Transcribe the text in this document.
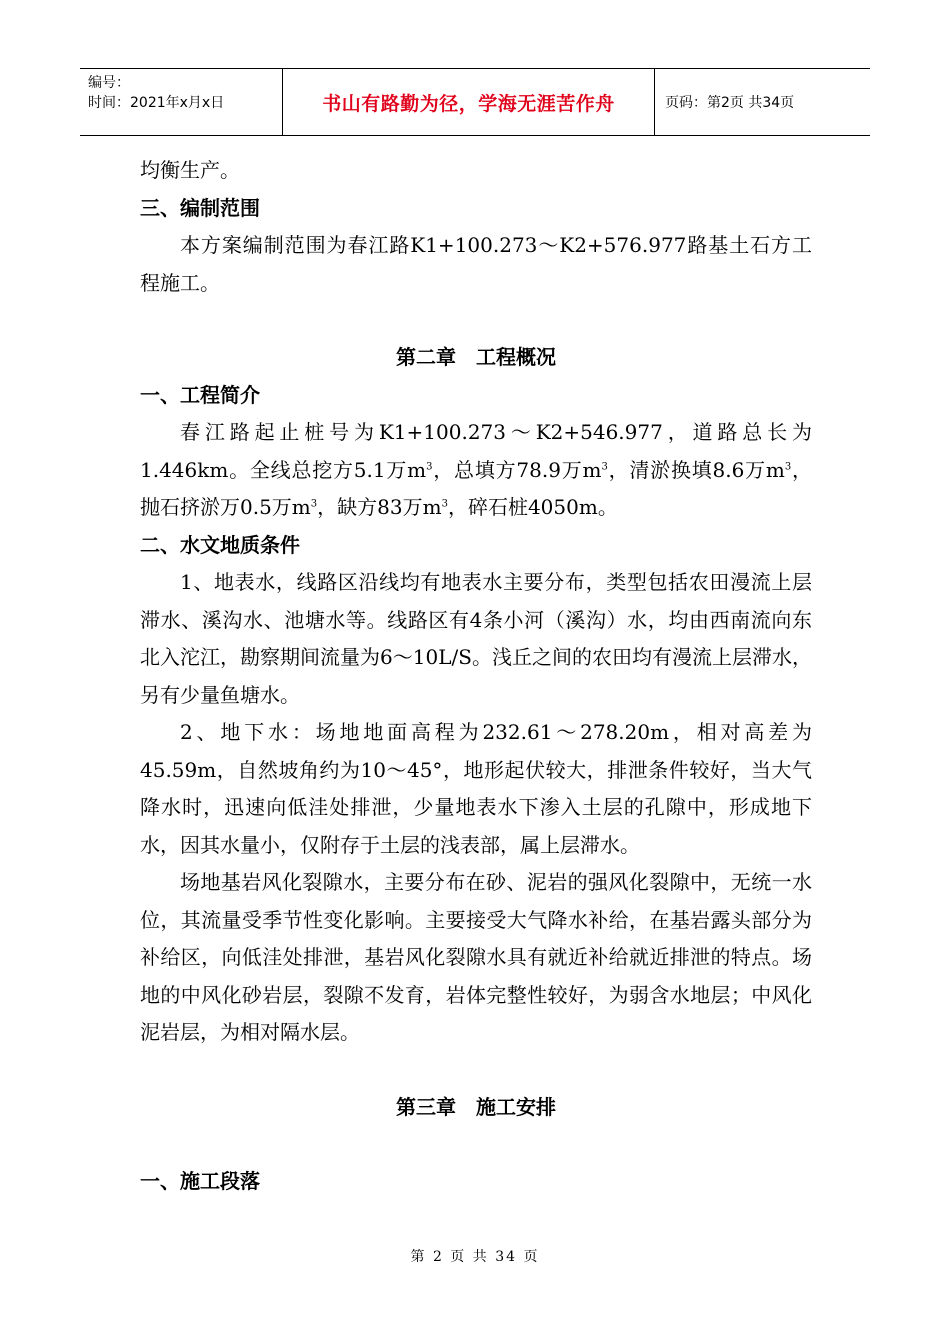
编号：
时间：2021年x月x日	书山有路勤为径，学海无涯苦作舟	页码：第2页 共34页

均衡生产。

三、编制范围

本方案编制范围为春江路K1+100.273～K2+576.977路基土石方工程施工。

第二章　工程概况

一、工程简介

春江路起止桩号为K1+100.273～K2+546.977，道路总长为1.446km。全线总挖方5.1万$m^3$，总填方78.9万$m^3$，清淤换填8.6万$m^3$，抛石挤淤万0.5万$m^3$，缺方83万$m^3$，碎石桩4050m。

二、水文地质条件

1、地表水，线路区沿线均有地表水主要分布，类型包括农田漫流上层滞水、溪沟水、池塘水等。线路区有4条小河（溪沟）水，均由西南流向东北入沱江，勘察期间流量为6～10L/S。浅丘之间的农田均有漫流上层滞水，另有少量鱼塘水。

2、地下水：场地地面高程为232.61～278.20m，相对高差为45.59m，自然坡角约为10～45°，地形起伏较大，排泄条件较好，当大气降水时，迅速向低洼处排泄，少量地表水下渗入土层的孔隙中，形成地下水，因其水量小，仅附存于土层的浅表部，属上层滞水。

场地基岩风化裂隙水，主要分布在砂、泥岩的强风化裂隙中，无统一水位，其流量受季节性变化影响。主要接受大气降水补给，在基岩露头部分为补给区，向低洼处排泄，基岩风化裂隙水具有就近补给就近排泄的特点。场地的中风化砂岩层，裂隙不发育，岩体完整性较好，为弱含水地层；中风化泥岩层，为相对隔水层。

第三章　施工安排

一、施工段落

第 2 页 共 34 页
